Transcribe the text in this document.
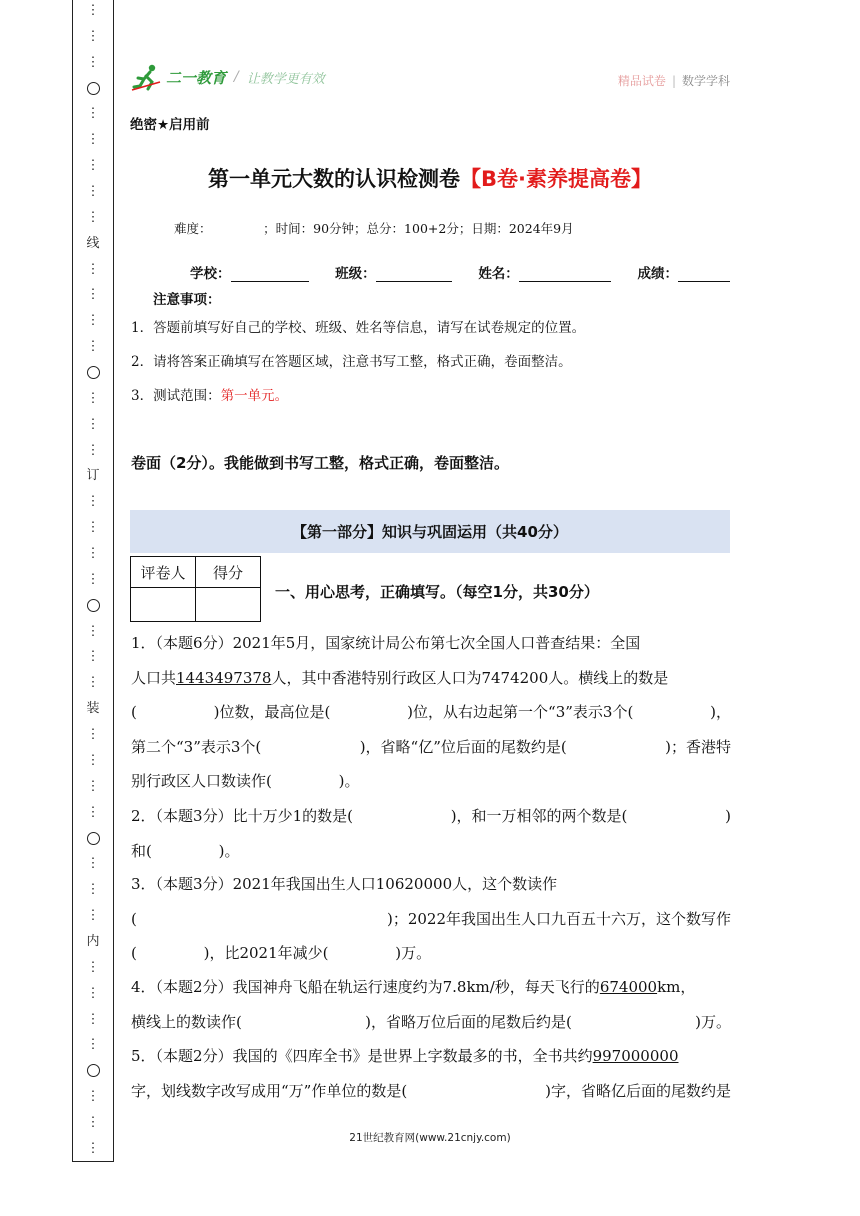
⋮
⋮
⋮
⋮
⋮
⋮
⋮
⋮
线
⋮
⋮
⋮
⋮
⋮
⋮
⋮
订
⋮
⋮
⋮
⋮
⋮
⋮
⋮
装
⋮
⋮
⋮
⋮
⋮
⋮
⋮
内
⋮
⋮
⋮
⋮
⋮
⋮
⋮
二一教育 / 让教学更有效	精品试卷 | 数学学科
绝密★启用前
第一单元大数的认识检测卷【B卷·素养提高卷】
难度：             ；时间：90分钟；总分：100+2分；日期：2024年9月
学校：	班级：	姓名：	成绩：
注意事项：
1．答题前填写好自己的学校、班级、姓名等信息，请写在试卷规定的位置。
2．请将答案正确填写在答题区域，注意书写工整，格式正确，卷面整洁。
3．测试范围：第一单元。
卷面（2分）。我能做到书写工整，格式正确，卷面整洁。
【第一部分】知识与巩固运用（共40分）
评卷人	得分

一、用心思考，正确填写。（每空1分，共30分）
1．（本题6分）2021年5月，国家统计局公布第七次全国人口普查结果：全国
人口共1443497378人，其中香港特别行政区人口为7474200人。横线上的数是
(	)位数，最高位是(	)位，从右边起第一个“3”表示3个(	)，
第二个“3”表示3个(	)，省略“亿”位后面的尾数约是(	)；香港特
别行政区人口数读作(              )。
2．（本题3分）比十万少1的数是(	)，和一万相邻的两个数是(	)
和(              )。
3．（本题3分）2021年我国出生人口10620000人，这个数读作
(	)；2022年我国出生人口九百五十六万，这个数写作
(              )，比2021年减少(              )万。
4．（本题2分）我国神舟飞船在轨运行速度约为7.8km/秒，每天飞行的674000km，
横线上的数读作(	)，省略万位后面的尾数后约是(	)万。
5．（本题2分）我国的《四库全书》是世界上字数最多的书，全书共约997000000
字，划线数字改写成用“万”作单位的数是(	)字，省略亿后面的尾数约是
21世纪教育网(www.21cnjy.com)
